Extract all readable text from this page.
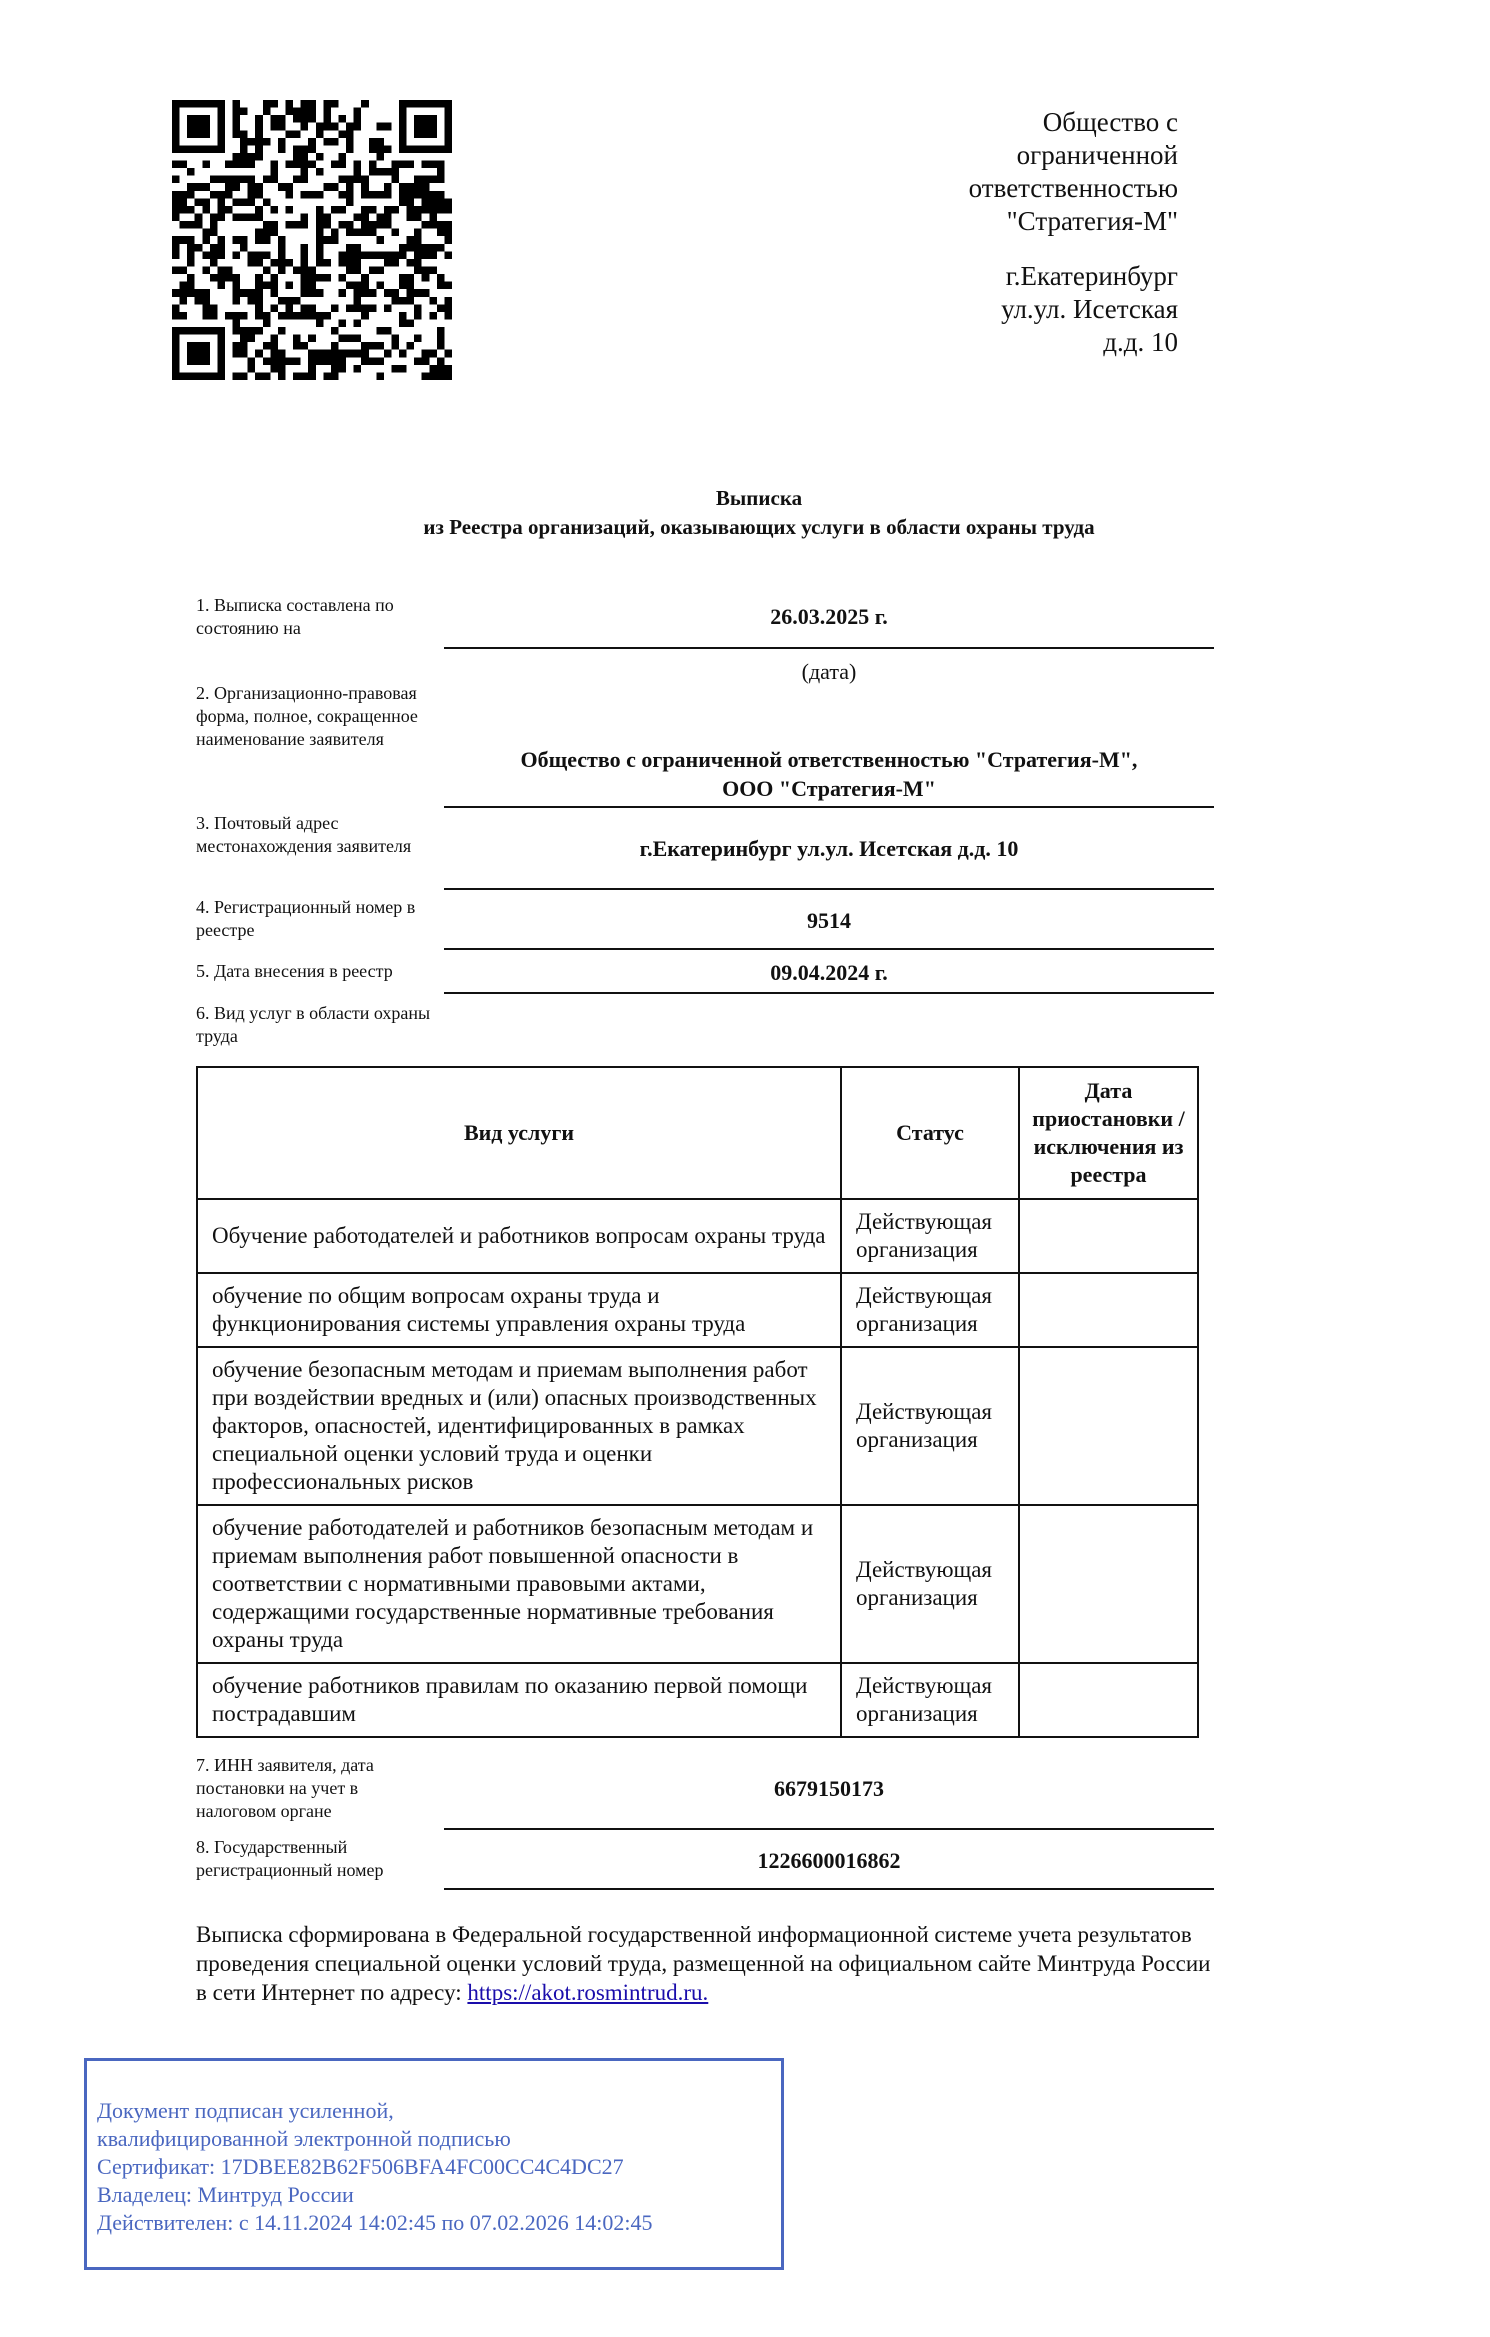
Общество с
ограниченной
ответственностью
"Стратегия-М"
г.Екатеринбург
ул.ул. Исетская
д.д. 10
Выписка
из Реестра организаций, оказывающих услуги в области охраны труда
1. Выписка составлена по состоянию на	26.03.2025 г.
(дата)
2. Организационно-правовая форма, полное, сокращенное наименование заявителя
Общество с ограниченной ответственностью "Стратегия-М",
ООО "Стратегия-М"
3. Почтовый адрес местонахождения заявителя	г.Екатеринбург ул.ул. Исетская д.д. 10
4. Регистрационный номер в реестре	9514
5. Дата внесения в реестр	09.04.2024 г.
6. Вид услуг в области охраны труда
Вид услуги	Статус	Дата приостановки / исключения из реестра
Обучение работодателей и работников вопросам охраны труда	Действующая организация	
обучение по общим вопросам охраны труда и функционирования системы управления охраны труда	Действующая организация	
обучение безопасным методам и приемам выполнения работ при воздействии вредных и (или) опасных производственных факторов, опасностей, идентифицированных в рамках специальной оценки условий труда и оценки профессиональных рисков	Действующая организация	
обучение работодателей и работников безопасным методам и приемам выполнения работ повышенной опасности в соответствии с нормативными правовыми актами, содержащими государственные нормативные требования охраны труда	Действующая организация	
обучение работников правилам по оказанию первой помощи пострадавшим	Действующая организация	
7. ИНН заявителя, дата постановки на учет в налоговом органе
6679150173
8. Государственный регистрационный номер	1226600016862
Выписка сформирована в Федеральной государственной информационной системе учета результатов проведения специальной оценки условий труда, размещенной на официальном сайте Минтруда России в сети Интернет по адресу: https://akot.rosmintrud.ru.
Документ подписан усиленной,
квалифицированной электронной подписью
Сертификат: 17DBEE82B62F506BFA4FC00CC4C4DC27
Владелец: Минтруд России
Действителен: с 14.11.2024 14:02:45 по 07.02.2026 14:02:45
